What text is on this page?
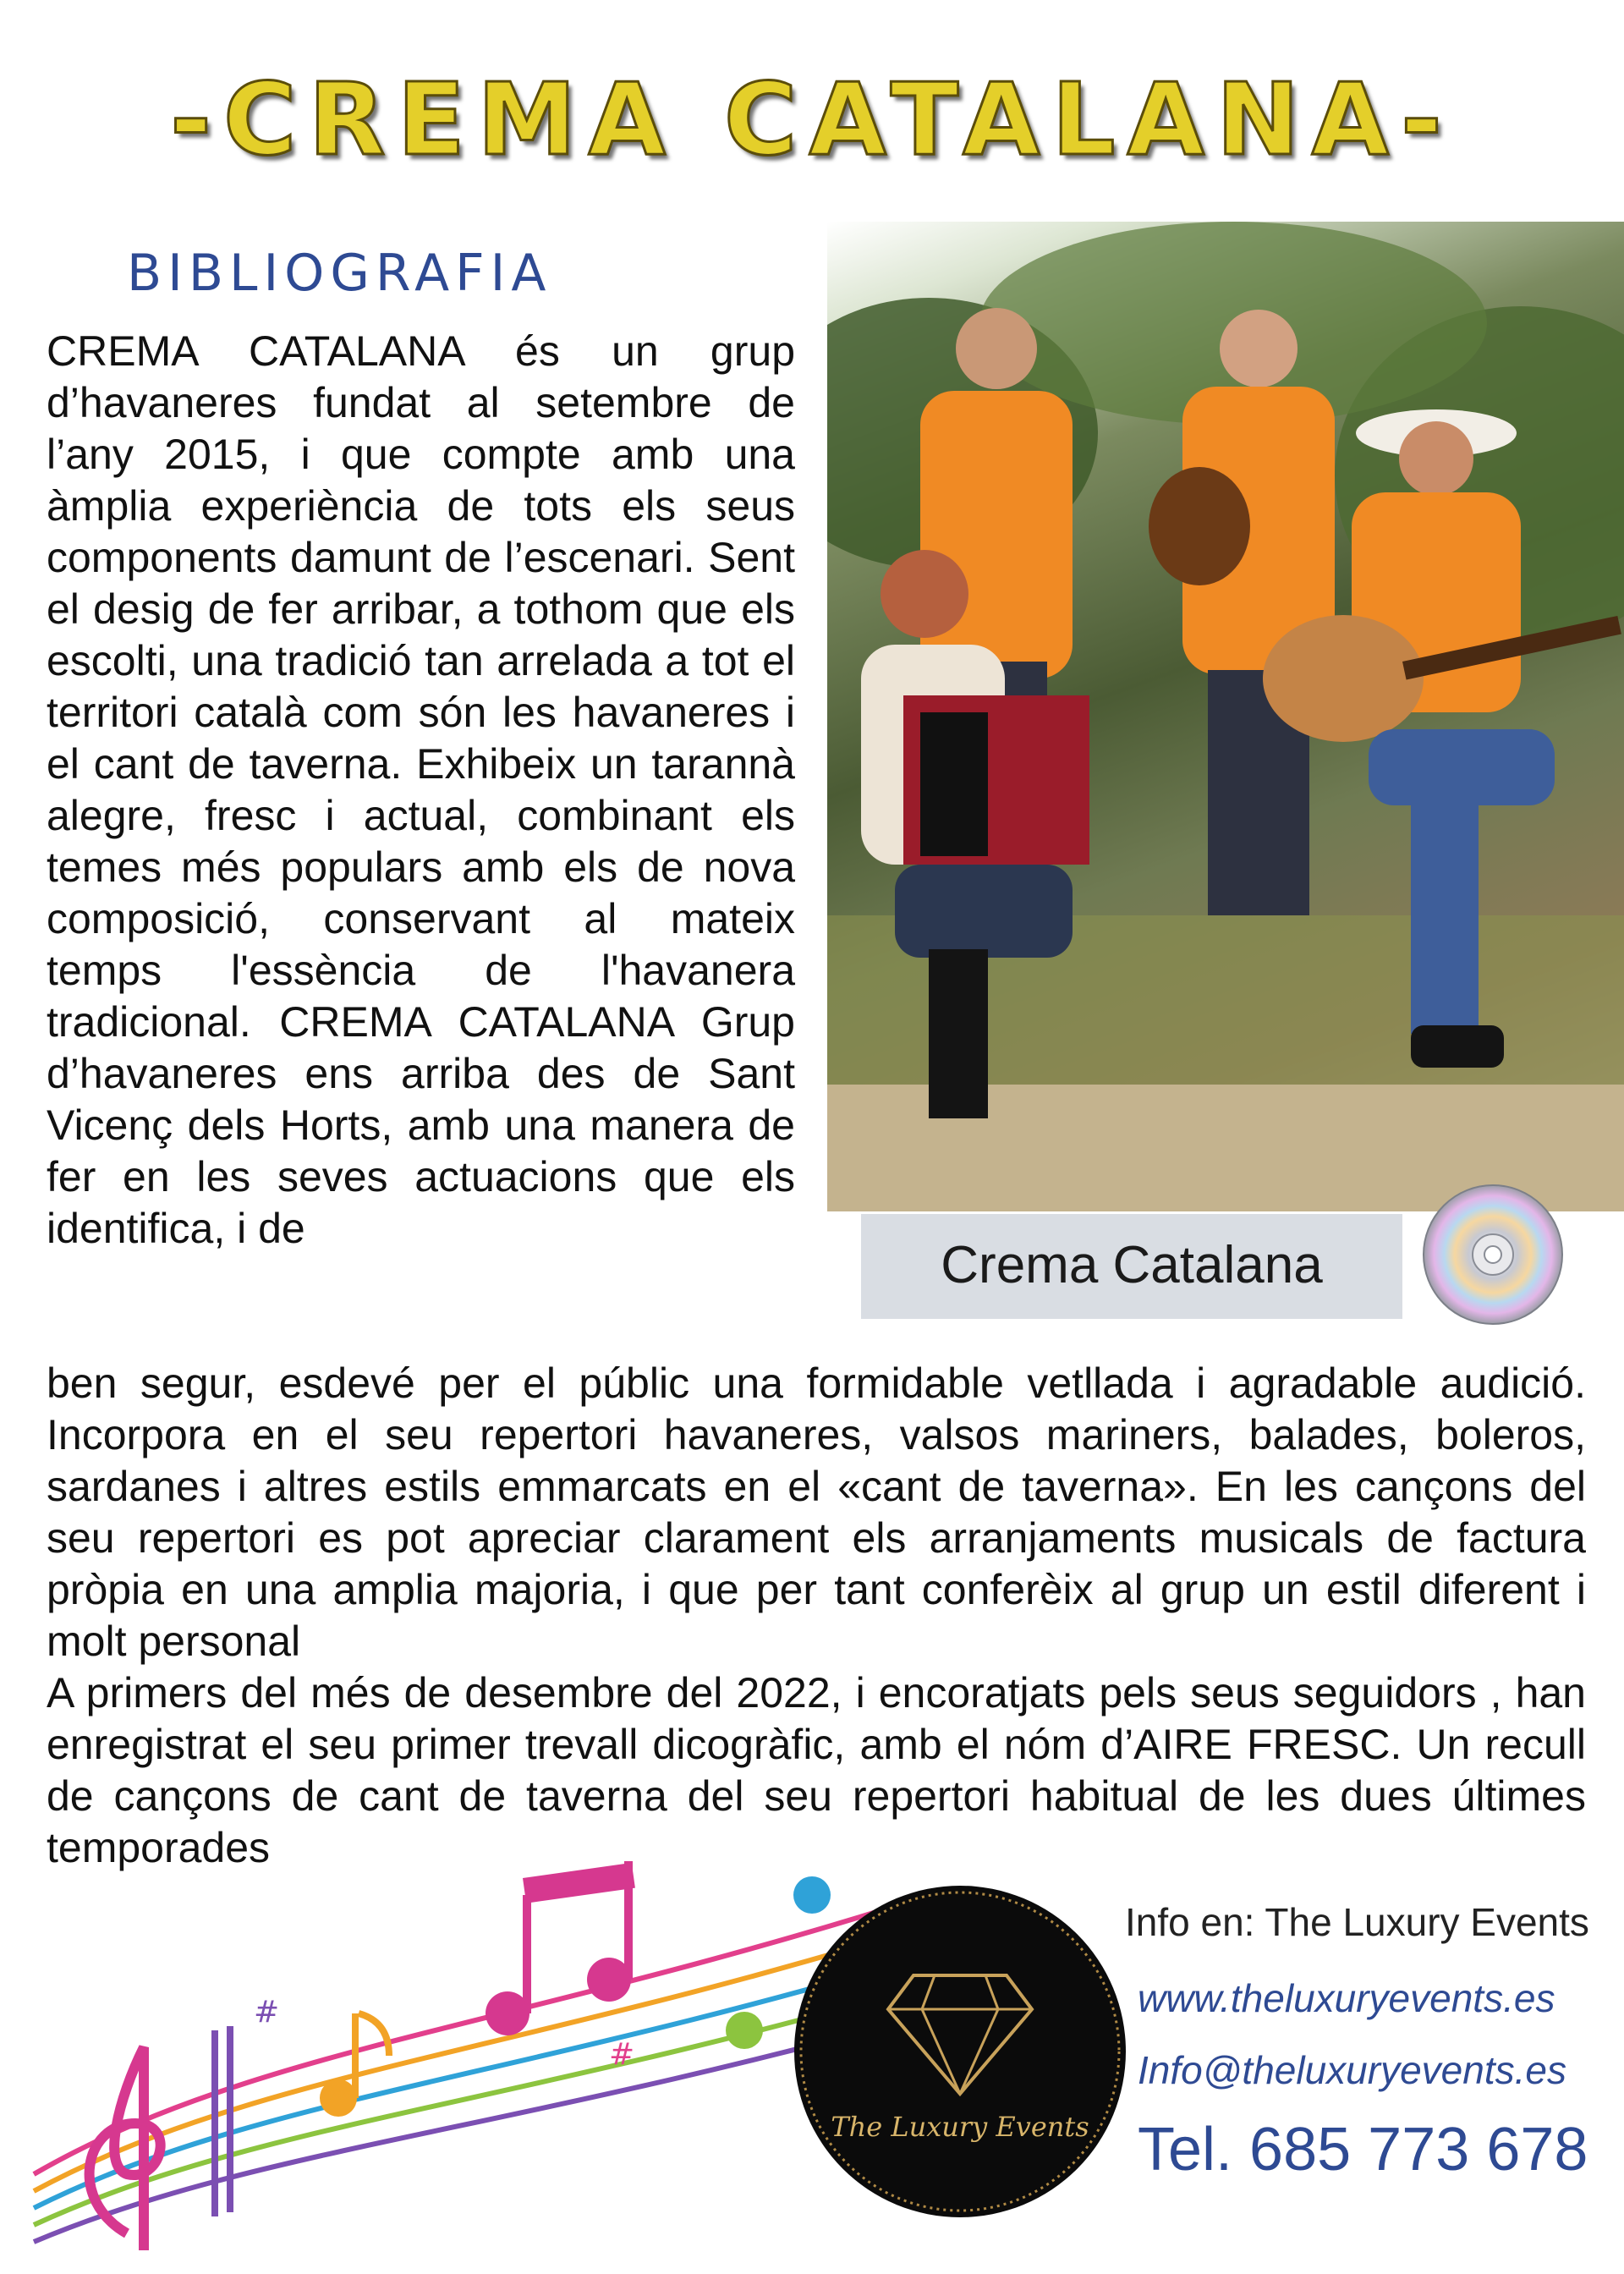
-CREMA CATALANA-
BIBLIOGRAFIA
Crema Catalana

CREMA CATALANA és un grup d’havaneres fundat al setembre de l’any 2015, i que compte amb una àmplia experiència de tots els seus components damunt de l’escenari. Sent el desig de fer arribar, a tothom que els escolti, una tradició tan arrelada a tot el territori català com són les havaneres i el cant de taverna. Exhibeix un tarannà alegre, fresc i actual, combinant els temes més populars amb els de nova composició, conservant al mateix temps l'essència de l'havanera tradicional. CREMA CATALANA Grup d’havaneres ens arriba des de Sant Vicenç dels Horts, amb una manera de fer en les seves actuacions que els identifica, i de

ben segur, esdevé per el públic una formidable vetllada i agradable audició. Incorpora en el seu repertori havaneres, valsos mariners, balades, boleros, sardanes i altres estils emmarcats en el «cant de taverna». En les cançons del seu repertori es pot apreciar clarament els arranjaments musicals de factura pròpia en una amplia majoria, i que per tant conferèix al grup un estil diferent i molt personal

A primers del més de desembre del 2022, i encoratjats pels seus seguidors , han enregistrat el seu primer trevall dicogràfic, amb el nóm d’AIRE FRESC. Un recull de cançons de cant de taverna del seu repertori habitual de les dues últimes temporades

#
#
The Luxury Events
Info en: The Luxury Events
www.theluxuryevents.es
Info@theluxuryevents.es
Tel. 685 773 678
